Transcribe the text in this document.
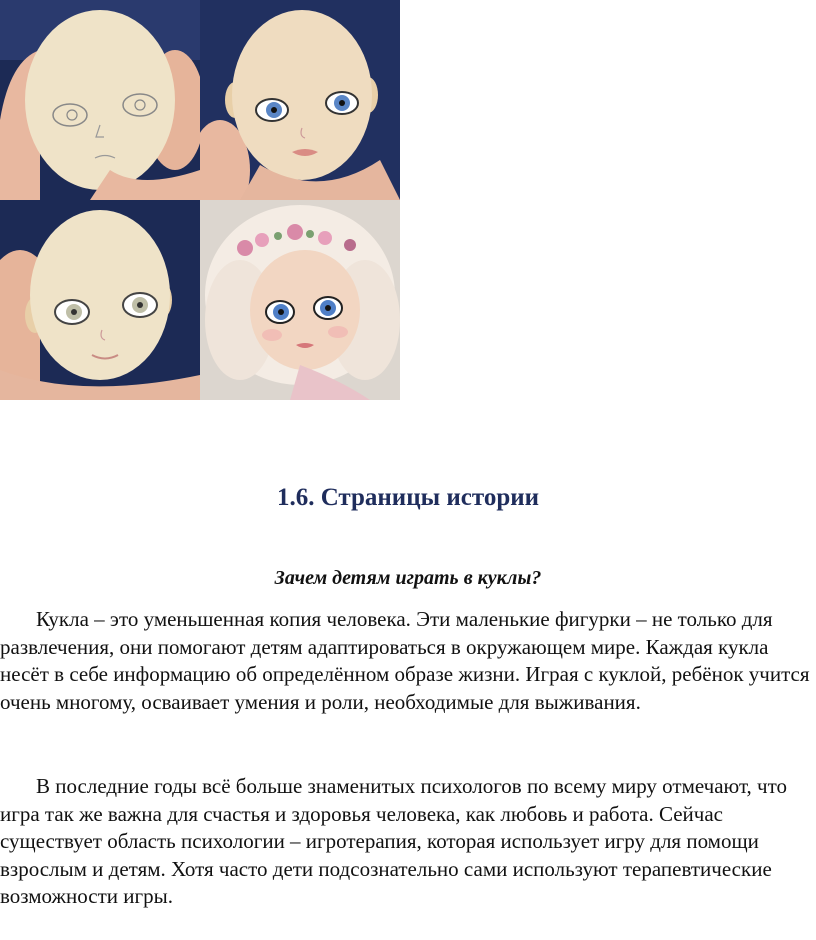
1.6. Страницы истории
Зачем детям играть в куклы?

Кукла – это уменьшенная копия человека. Эти маленькие фигурки – не только для развлечения, они помогают детям адаптироваться в окружающем мире. Каждая кукла несёт в себе информацию об определённом образе жизни. Играя с куклой, ребёнок учится очень многому, осваивает умения и роли, необходимые для выживания.

В последние годы всё больше знаменитых психологов по всему миру отмечают, что игра так же важна для счастья и здоровья человека, как любовь и работа. Сейчас существует область психологии – игротерапия, которая использует игру для помощи взрослым и детям. Хотя часто дети подсознательно сами используют терапевтические возможности игры.
